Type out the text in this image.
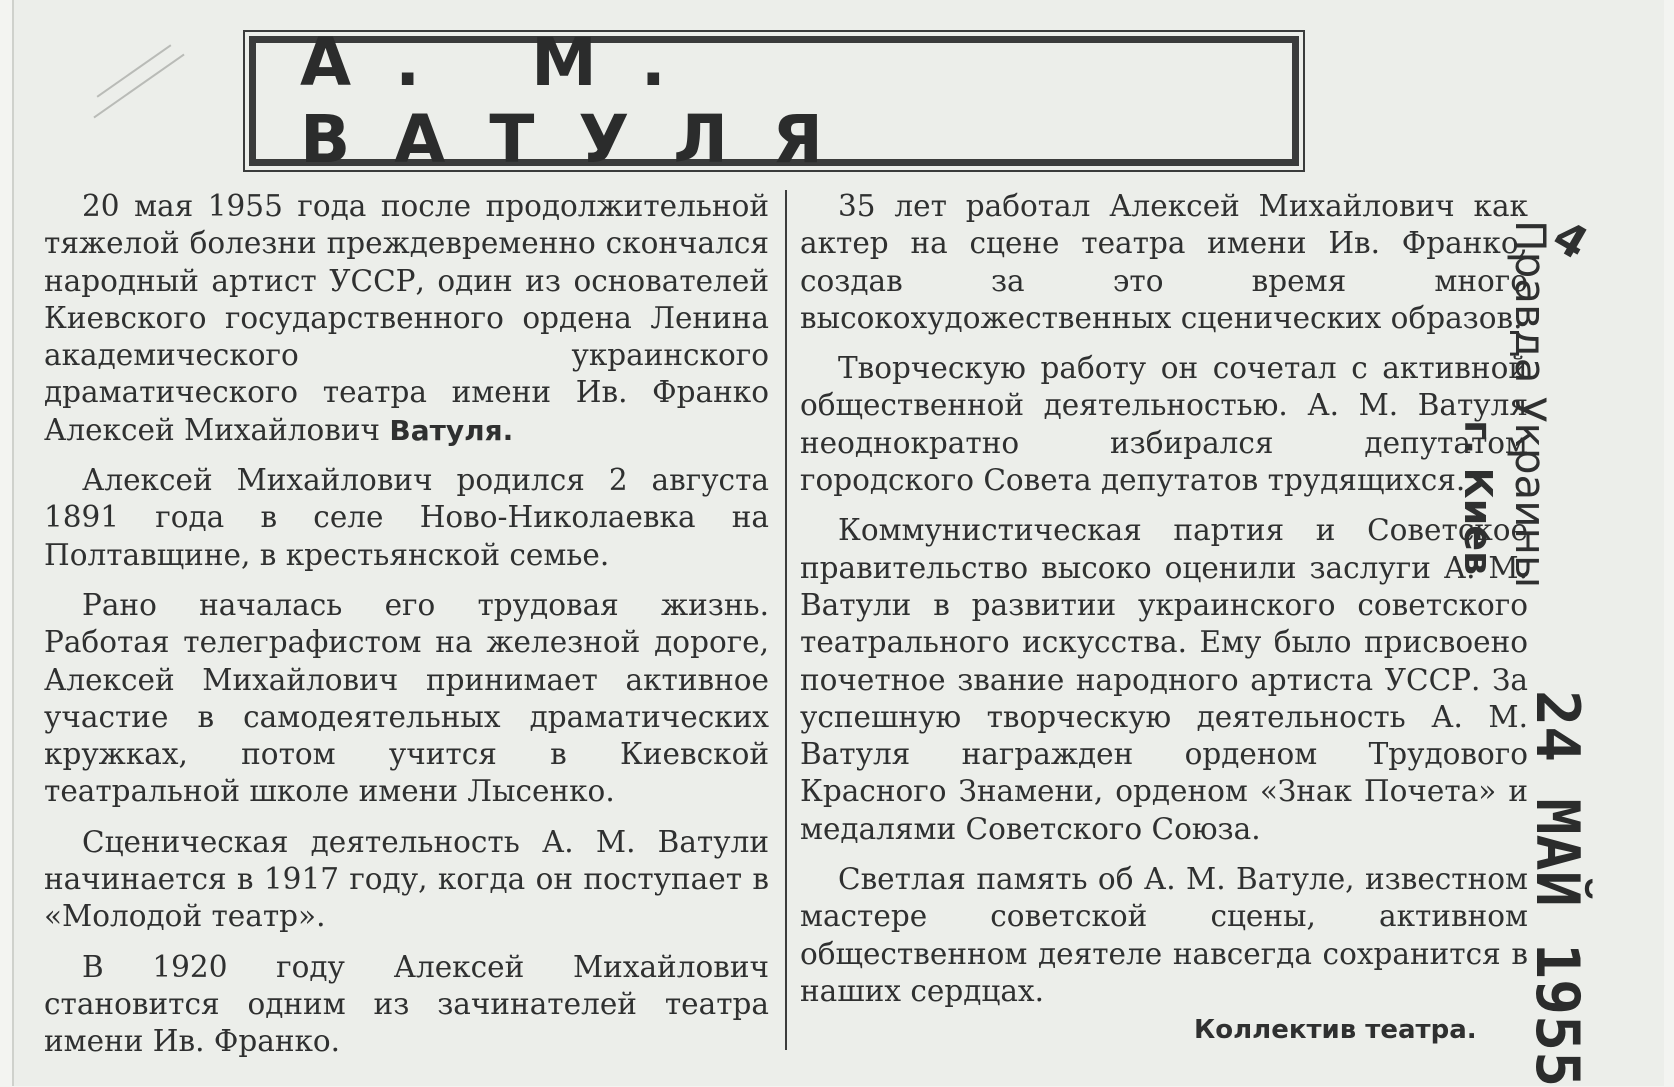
А. М. ВАТУЛЯ

20 мая 1955 года после продолжительной тяжелой болезни преждевременно скончался народный артист УССР, один из основателей Киевского государственного ордена Ленина академического украинского драматического театра имени Ив. Франко Алексей Михайлович Ватуля.

Алексей Михайлович родился 2 августа 1891 года в селе Ново-Николаевка на Полтавщине, в крестьянской семье.

Рано началась его трудовая жизнь. Работая телеграфистом на железной дороге, Алексей Михайлович принимает активное участие в самодеятельных драматических кружках, потом учится в Киевской театральной школе имени Лысенко.

Сценическая деятельность А. М. Ватули начинается в 1917 году, когда он поступает в «Молодой театр».

В 1920 году Алексей Михайлович становится одним из зачинателей театра имени Ив. Франко.

35 лет работал Алексей Михайлович как актер на сцене театра имени Ив. Франко, создав за это время много высокохудожественных сценических образов.

Творческую работу он сочетал с активной общественной деятельностью. А. М. Ватуля неоднократно избирался депутатом городского Совета депутатов трудящихся.

Коммунистическая партия и Советское правительство высоко оценили заслуги А. М. Ватули в развитии украинского советского театрального искусства. Ему было присвоено почетное звание народного артиста УССР. За успешную творческую деятельность А. М. Ватуля награжден орденом Трудового Красного Знамени, орденом «Знак Почета» и медалями Советского Союза.

Светлая память об А. М. Ватуле, известном мастере советской сцены, активном общественном деятеле навсегда сохранится в наших сердцах.

Коллектив театра.
4
Правда Украины
г. Киев
24 МАЙ 1955
